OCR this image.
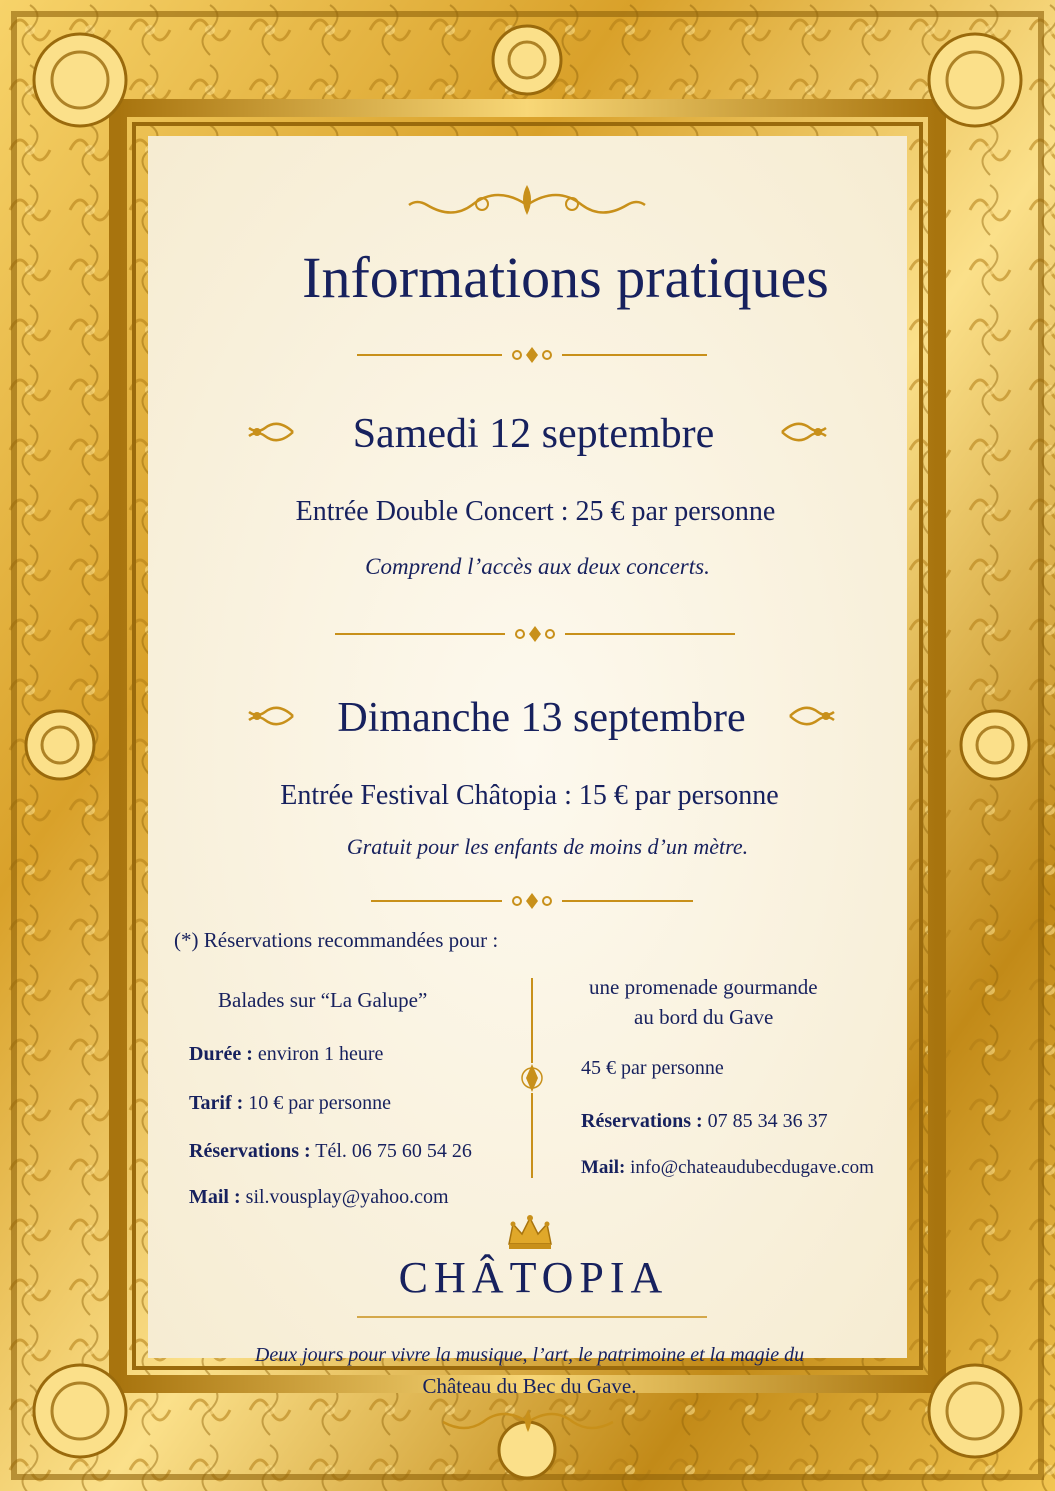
Informations pratiques
Samedi 12 septembre
Entrée Double Concert : 25 € par personne
Comprend l’accès aux deux concerts.
Dimanche 13 septembre
Entrée Festival Châtopia : 15 € par personne
Gratuit pour les enfants de moins d’un mètre.
(*) Réservations recommandées pour :
Balades sur “La Galupe”
Durée : environ 1 heure
Tarif : 10 € par personne
Réservations : Tél. 06 75 60 54 26
Mail : sil.vousplay@yahoo.com
une promenade gourmande
au bord du Gave
45 € par personne
Réservations : 07 85 34 36 37
Mail: info@chateaudubecdugave.com
CHÂTOPIA
Deux jours pour vivre la musique, l’art, le patrimoine et la magie du
Château du Bec du Gave.
